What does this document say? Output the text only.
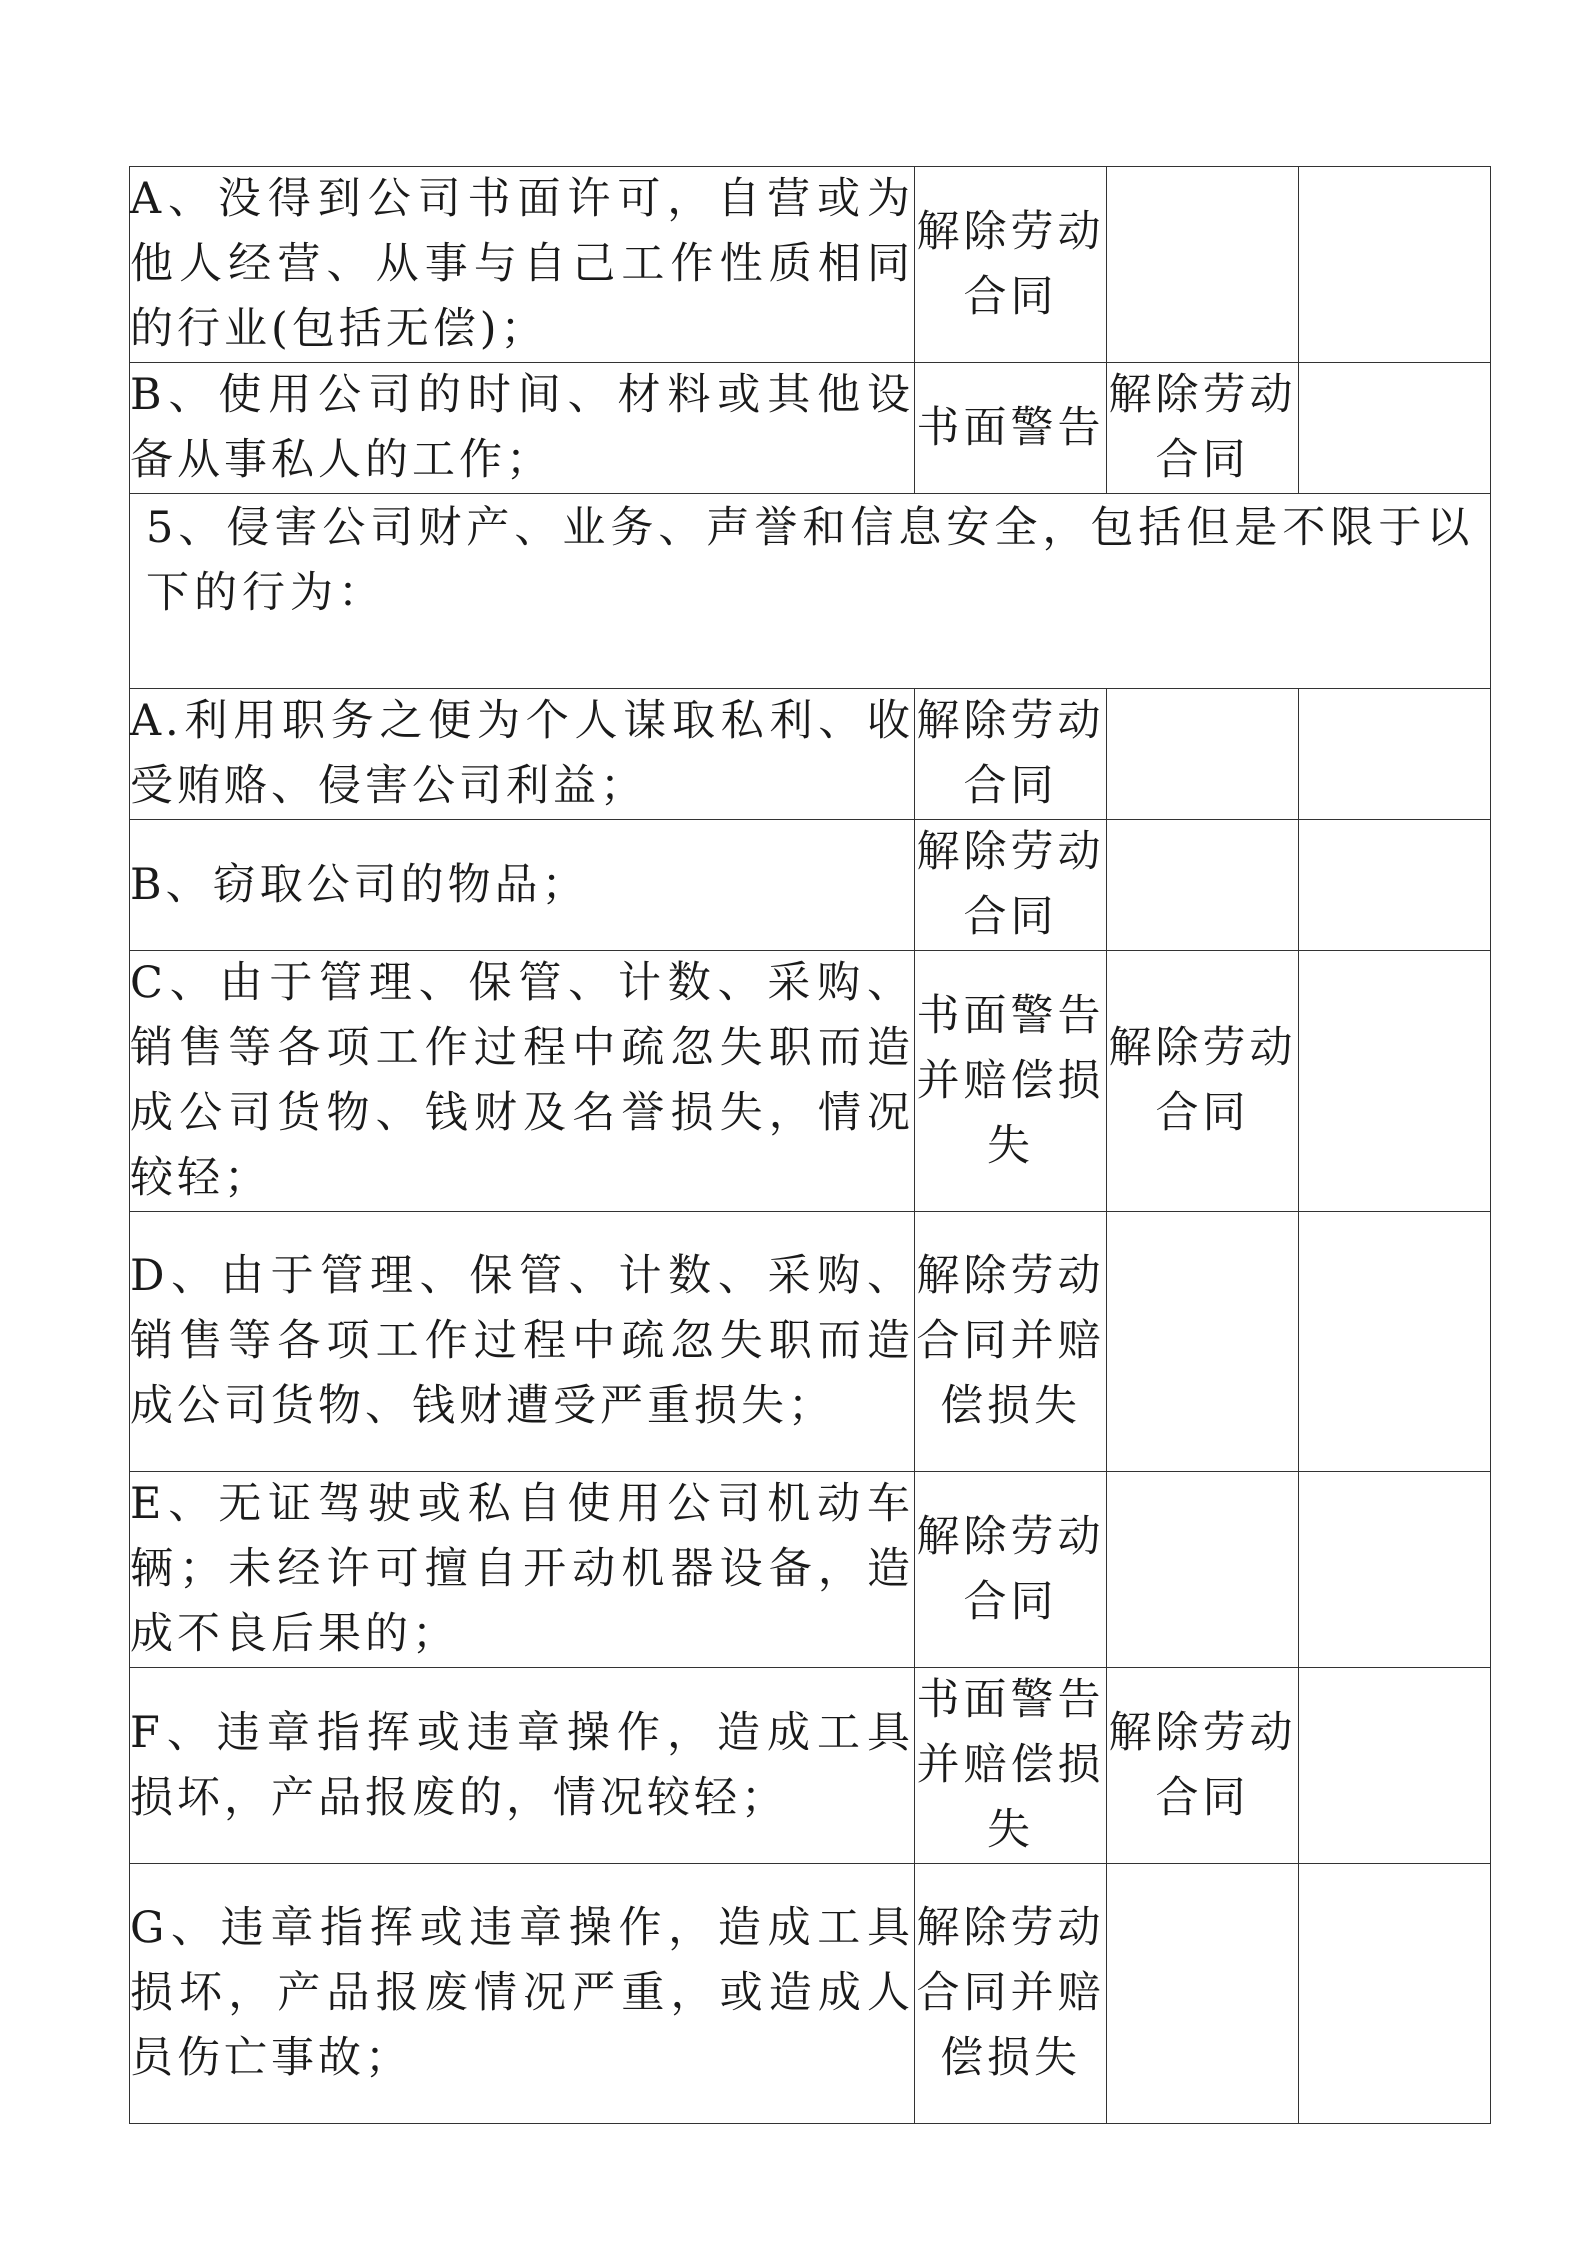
A、没得到公司书面许可，自营或为他人经营、从事与自己工作性质相同的行业(包括无偿)；	解除劳动合同		
B、使用公司的时间、材料或其他设备从事私人的工作；	书面警告	解除劳动合同	

5、侵害公司财产、业务、声誉和信息安全，包括但是不限于以下的行为：			

A.利用职务之便为个人谋取私利、收受贿赂、侵害公司利益；	解除劳动合同		
B、窃取公司的物品；	解除劳动合同		
C、由于管理、保管、计数、采购、销售等各项工作过程中疏忽失职而造成公司货物、钱财及名誉损失，情况较轻；	书面警告并赔偿损失	解除劳动合同	
D、由于管理、保管、计数、采购、销售等各项工作过程中疏忽失职而造成公司货物、钱财遭受严重损失；	解除劳动合同并赔偿损失		
E、无证驾驶或私自使用公司机动车辆；未经许可擅自开动机器设备，造成不良后果的；	解除劳动合同		
F、违章指挥或违章操作，造成工具损坏，产品报废的，情况较轻；	书面警告并赔偿损失	解除劳动合同	
G、违章指挥或违章操作，造成工具损坏，产品报废情况严重，或造成人员伤亡事故；	解除劳动合同并赔偿损失		
